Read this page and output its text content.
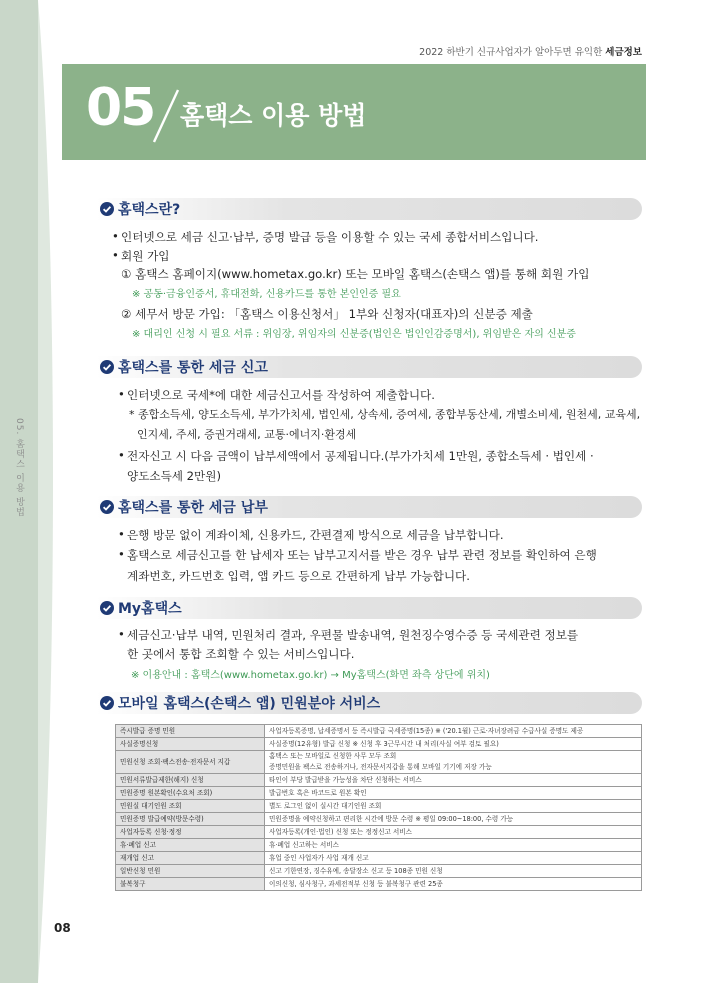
05. 홈택스 이용 방법
2022 하반기 신규사업자가 알아두면 유익한 세금정보
05 홈택스 이용 방법
홈택스란?
• 인터넷으로 세금 신고·납부, 증명 발급 등을 이용할 수 있는 국세 종합서비스입니다.
• 회원 가입
① 홈택스 홈페이지(www.hometax.go.kr) 또는 모바일 홈택스(손택스 앱)를 통해 회원 가입
※ 공동·금융인증서, 휴대전화, 신용카드를 통한 본인인증 필요
② 세무서 방문 가입: 「홈택스 이용신청서」 1부와 신청자(대표자)의 신분증 제출
※ 대리인 신청 시 필요 서류 : 위임장, 위임자의 신분증(법인은 법인인감증명서), 위임받은 자의 신분증
홈택스를 통한 세금 신고
• 인터넷으로 국세*에 대한 세금신고서를 작성하여 제출합니다.
* 종합소득세, 양도소득세, 부가가치세, 법인세, 상속세, 증여세, 종합부동산세, 개별소비세, 원천세, 교육세,
인지세, 주세, 증권거래세, 교통·에너지·환경세
• 전자신고 시 다음 금액이 납부세액에서 공제됩니다.(부가가치세 1만원, 종합소득세 · 법인세 ·
양도소득세 2만원)
홈택스를 통한 세금 납부
• 은행 방문 없이 계좌이체, 신용카드, 간편결제 방식으로 세금을 납부합니다.
• 홈택스로 세금신고를 한 납세자 또는 납부고지서를 받은 경우 납부 관련 정보를 확인하여 은행
계좌번호, 카드번호 입력, 앱 카드 등으로 간편하게 납부 가능합니다.
My홈택스
• 세금신고·납부 내역, 민원처리 결과, 우편물 발송내역, 원천징수영수증 등 국세관련 정보를
한 곳에서 통합 조회할 수 있는 서비스입니다.
※ 이용안내 : 홈택스(www.hometax.go.kr) → My홈택스(화면 좌측 상단에 위치)
모바일 홈택스(손택스 앱) 민원분야 서비스
즉시발급 증명 민원	사업자등록증명, 납세증명서 등 즉시발급 국세증명(15종) ※ ('20.1월) 근로·자녀장려금 수급사실 증명도 제공
사실증명신청	사실증명(12유형) 발급 신청 ※ 신청 후 3근무시간 내 처리(사실 여부 검토 필요)
민원신청 조회·팩스전송·전자문서 지갑	홈택스 또는 모바일로 신청한 사무 모두 조회
증명민원을 팩스로 전송하거나, 전자문서지갑을 통해 모바일 기기에 저장 가능

민원서류발급제한(해지) 신청	타인이 부당 발급받을 가능성을 차단 신청하는 서비스
민원증명 원본확인(수요처 조회)	발급번호 혹은 바코드로 원본 확인
민원실 대기인원 조회	별도 로그인 없이 실시간 대기인원 조회
민원증명 발급예약(방문수령)	민원증명을 예약신청하고 편리한 시간에 방문 수령 ※ 평일 09:00~18:00, 수령 가능
사업자등록 신청·정정	사업자등록(개인·법인) 신청 또는 정정신고 서비스
휴·폐업 신고	휴·폐업 신고하는 서비스
재개업 신고	휴업 중인 사업자가 사업 재개 신고
일반신청 민원	신고 기한연장, 징수유예, 송달장소 신고 등 108종 민원 신청
불복청구	이의신청, 심사청구, 과세전적부 신청 등 불복청구 관련 25종
08
